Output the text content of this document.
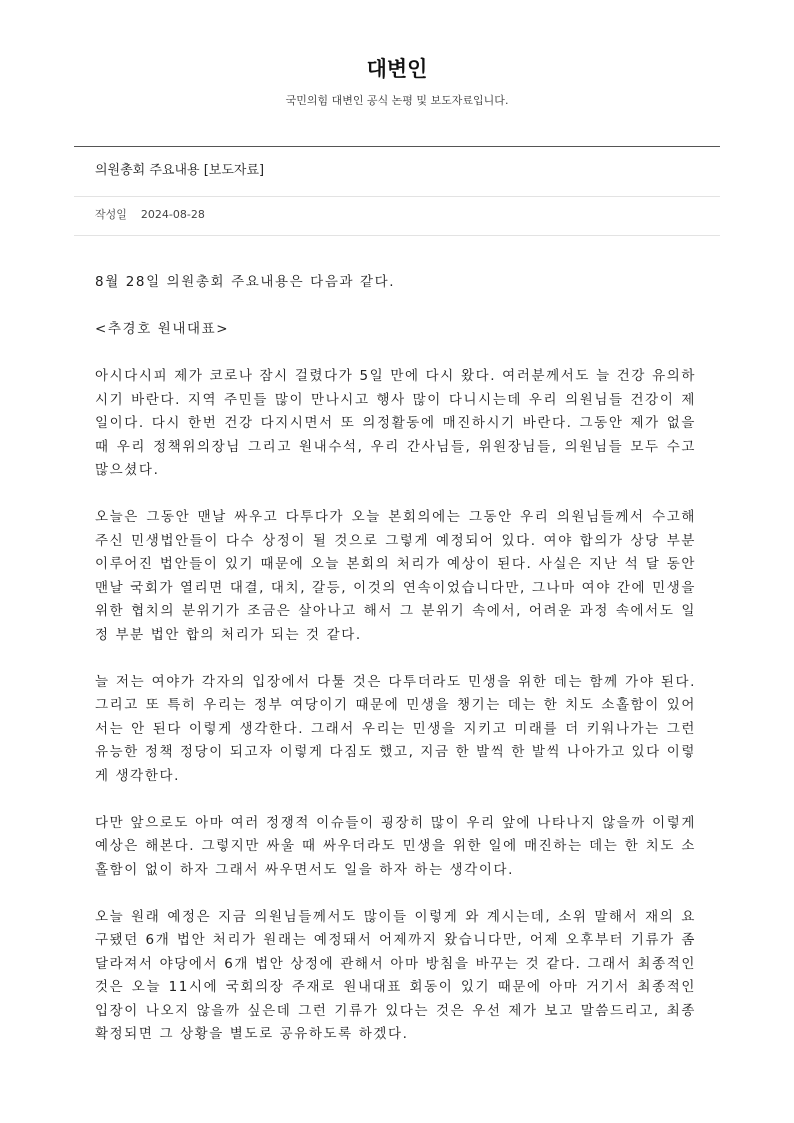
대변인
국민의힘 대변인 공식 논평 및 보도자료입니다.
의원총회 주요내용 [보도자료]
작성일 2024-08-28

8월 28일 의원총회 주요내용은 다음과 같다.

<추경호 원내대표>

아시다시피 제가 코로나 잠시 걸렸다가 5일 만에 다시 왔다. 여러분께서도 늘 건강 유의하시기 바란다. 지역 주민들 많이 만나시고 행사 많이 다니시는데 우리 의원님들 건강이 제일이다. 다시 한번 건강 다지시면서 또 의정활동에 매진하시기 바란다. 그동안 제가 없을 때 우리 정책위의장님 그리고 원내수석, 우리 간사님들, 위원장님들, 의원님들 모두 수고 많으셨다.

오늘은 그동안 맨날 싸우고 다투다가 오늘 본회의에는 그동안 우리 의원님들께서 수고해 주신 민생법안들이 다수 상정이 될 것으로 그렇게 예정되어 있다. 여야 합의가 상당 부분 이루어진 법안들이 있기 때문에 오늘 본회의 처리가 예상이 된다. 사실은 지난 석 달 동안 맨날 국회가 열리면 대결, 대치, 갈등, 이것의 연속이었습니다만, 그나마 여야 간에 민생을 위한 협치의 분위기가 조금은 살아나고 해서 그 분위기 속에서, 어려운 과정 속에서도 일정 부분 법안 합의 처리가 되는 것 같다.

늘 저는 여야가 각자의 입장에서 다툴 것은 다투더라도 민생을 위한 데는 함께 가야 된다. 그리고 또 특히 우리는 정부 여당이기 때문에 민생을 챙기는 데는 한 치도 소홀함이 있어서는 안 된다 이렇게 생각한다. 그래서 우리는 민생을 지키고 미래를 더 키워나가는 그런 유능한 정책 정당이 되고자 이렇게 다짐도 했고, 지금 한 발씩 한 발씩 나아가고 있다 이렇게 생각한다.

다만 앞으로도 아마 여러 정쟁적 이슈들이 굉장히 많이 우리 앞에 나타나지 않을까 이렇게 예상은 해본다. 그렇지만 싸울 때 싸우더라도 민생을 위한 일에 매진하는 데는 한 치도 소홀함이 없이 하자 그래서 싸우면서도 일을 하자 하는 생각이다.

오늘 원래 예정은 지금 의원님들께서도 많이들 이렇게 와 계시는데, 소위 말해서 재의 요구됐던 6개 법안 처리가 원래는 예정돼서 어제까지 왔습니다만, 어제 오후부터 기류가 좀 달라져서 야당에서 6개 법안 상정에 관해서 아마 방침을 바꾸는 것 같다. 그래서 최종적인 것은 오늘 11시에 국회의장 주재로 원내대표 회동이 있기 때문에 아마 거기서 최종적인 입장이 나오지 않을까 싶은데 그런 기류가 있다는 것은 우선 제가 보고 말씀드리고, 최종 확정되면 그 상황을 별도로 공유하도록 하겠다.
